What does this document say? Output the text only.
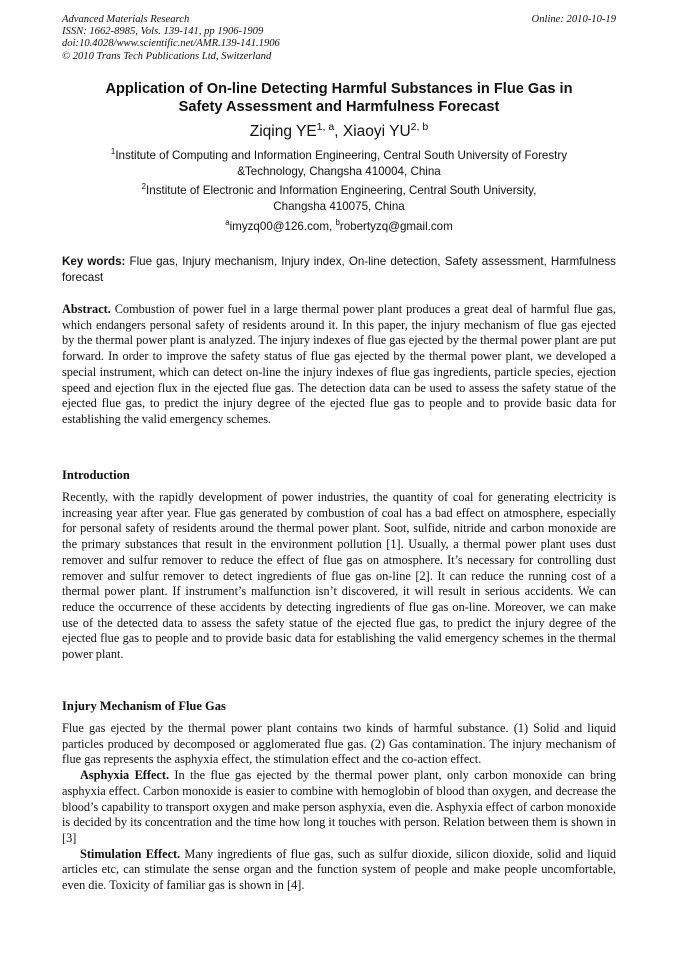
Advanced Materials Research
ISSN: 1662-8985, Vols. 139-141, pp 1906-1909
doi:10.4028/www.scientific.net/AMR.139-141.1906
© 2010 Trans Tech Publications Ltd, Switzerland
Online: 2010-10-19
Application of On-line Detecting Harmful Substances in Flue Gas in
Safety Assessment and Harmfulness Forecast
Ziqing YE$^{1, a}$, Xiaoyi YU$^{2, b}$
$^1$Institute of Computing and Information Engineering, Central South University of Forestry
&Technology, Changsha 410004, China
$^2$Institute of Electronic and Information Engineering, Central South University,
Changsha 410075, China
$^a$imyzq00@126.com, $^b$robertyzq@gmail.com
Key words: Flue gas, Injury mechanism, Injury index, On-line detection, Safety assessment, Harmfulness forecast

Abstract. Combustion of power fuel in a large thermal power plant produces a great deal of harmful flue gas, which endangers personal safety of residents around it. In this paper, the injury mechanism of flue gas ejected by the thermal power plant is analyzed. The injury indexes of flue gas ejected by the thermal power plant are put forward. In order to improve the safety status of flue gas ejected by the thermal power plant, we developed a special instrument, which can detect on-line the injury indexes of flue gas ingredients, particle species, ejection speed and ejection flux in the ejected flue gas. The detection data can be used to assess the safety statue of the ejected flue gas, to predict the injury degree of the ejected flue gas to people and to provide basic data for establishing the valid emergency schemes.

Introduction

Recently, with the rapidly development of power industries, the quantity of coal for generating electricity is increasing year after year. Flue gas generated by combustion of coal has a bad effect on atmosphere, especially for personal safety of residents around the thermal power plant. Soot, sulfide, nitride and carbon monoxide are the primary substances that result in the environment pollution [1]. Usually, a thermal power plant uses dust remover and sulfur remover to reduce the effect of flue gas on atmosphere. It’s necessary for controlling dust remover and sulfur remover to detect ingredients of flue gas on-line [2]. It can reduce the running cost of a thermal power plant. If instrument’s malfunction isn’t discovered, it will result in serious accidents. We can reduce the occurrence of these accidents by detecting ingredients of flue gas on-line. Moreover, we can make use of the detected data to assess the safety statue of the ejected flue gas, to predict the injury degree of the ejected flue gas to people and to provide basic data for establishing the valid emergency schemes in the thermal power plant.

Injury Mechanism of Flue Gas

Flue gas ejected by the thermal power plant contains two kinds of harmful substance. (1) Solid and liquid particles produced by decomposed or agglomerated flue gas. (2) Gas contamination. The injury mechanism of flue gas represents the asphyxia effect, the stimulation effect and the co-action effect.

Asphyxia Effect. In the flue gas ejected by the thermal power plant, only carbon monoxide can bring asphyxia effect. Carbon monoxide is easier to combine with hemoglobin of blood than oxygen, and decrease the blood’s capability to transport oxygen and make person asphyxia, even die. Asphyxia effect of carbon monoxide is decided by its concentration and the time how long it touches with person. Relation between them is shown in [3]

Stimulation Effect. Many ingredients of flue gas, such as sulfur dioxide, silicon dioxide, solid and liquid articles etc, can stimulate the sense organ and the function system of people and make people uncomfortable, even die. Toxicity of familiar gas is shown in [4].
